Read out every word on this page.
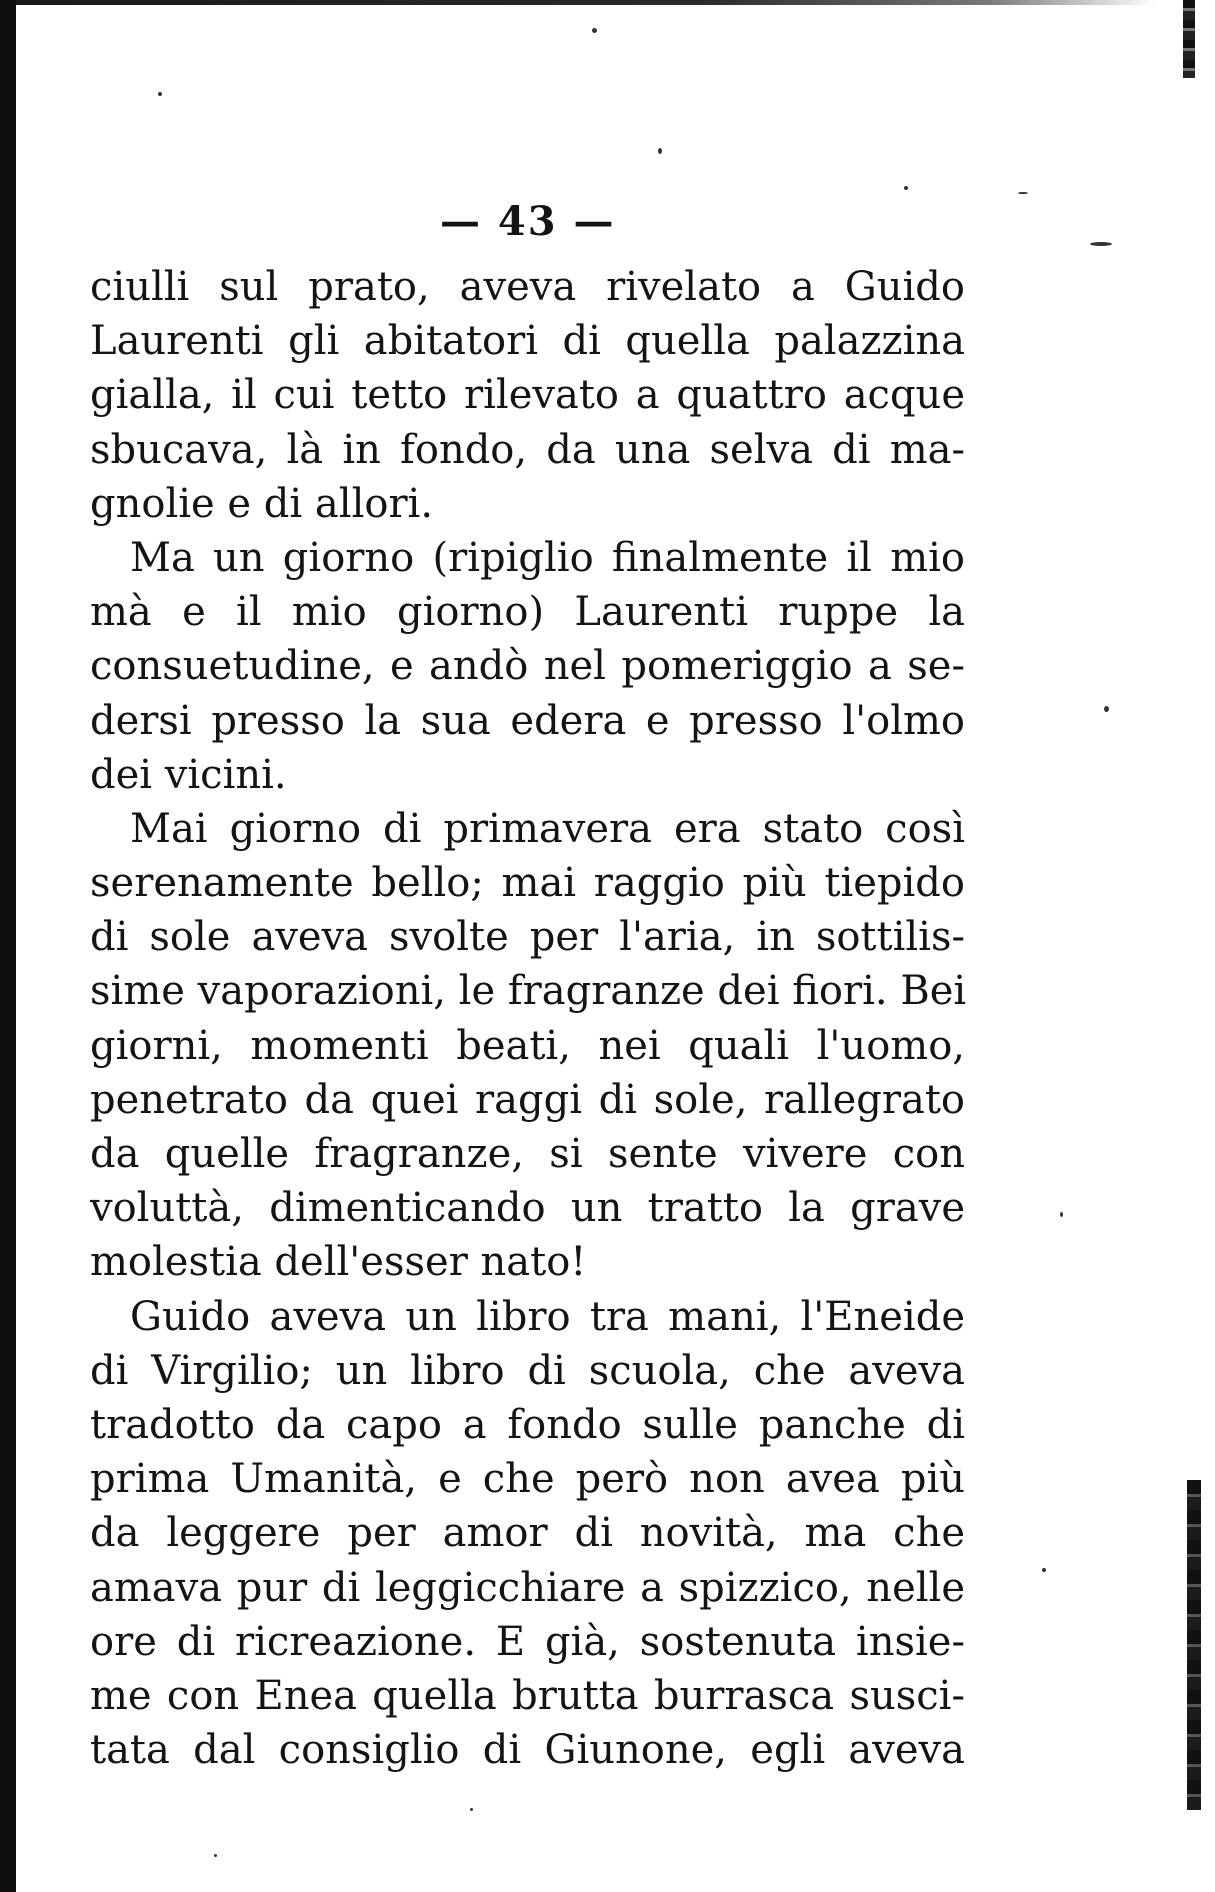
— 43 —
ciulli sul prato, aveva rivelato a Guido
Laurenti gli abitatori di quella palazzina
gialla, il cui tetto rilevato a quattro acque
sbucava, là in fondo, da una selva di ma-
gnolie e di allori.
Ma un giorno (ripiglio finalmente il mio
mà e il mio giorno) Laurenti ruppe la
consuetudine, e andò nel pomeriggio a se-
dersi presso la sua edera e presso l'olmo
dei vicini.
Mai giorno di primavera era stato così
serenamente bello; mai raggio più tiepido
di sole aveva svolte per l'aria, in sottilis-
sime vaporazioni, le fragranze dei fiori. Bei
giorni, momenti beati, nei quali l'uomo,
penetrato da quei raggi di sole, rallegrato
da quelle fragranze, si sente vivere con
voluttà, dimenticando un tratto la grave
molestia dell'esser nato!
Guido aveva un libro tra mani, l'Eneide
di Virgilio; un libro di scuola, che aveva
tradotto da capo a fondo sulle panche di
prima Umanità, e che però non avea più
da leggere per amor di novità, ma che
amava pur di leggicchiare a spizzico, nelle
ore di ricreazione. E già, sostenuta insie-
me con Enea quella brutta burrasca susci-
tata dal consiglio di Giunone, egli aveva
